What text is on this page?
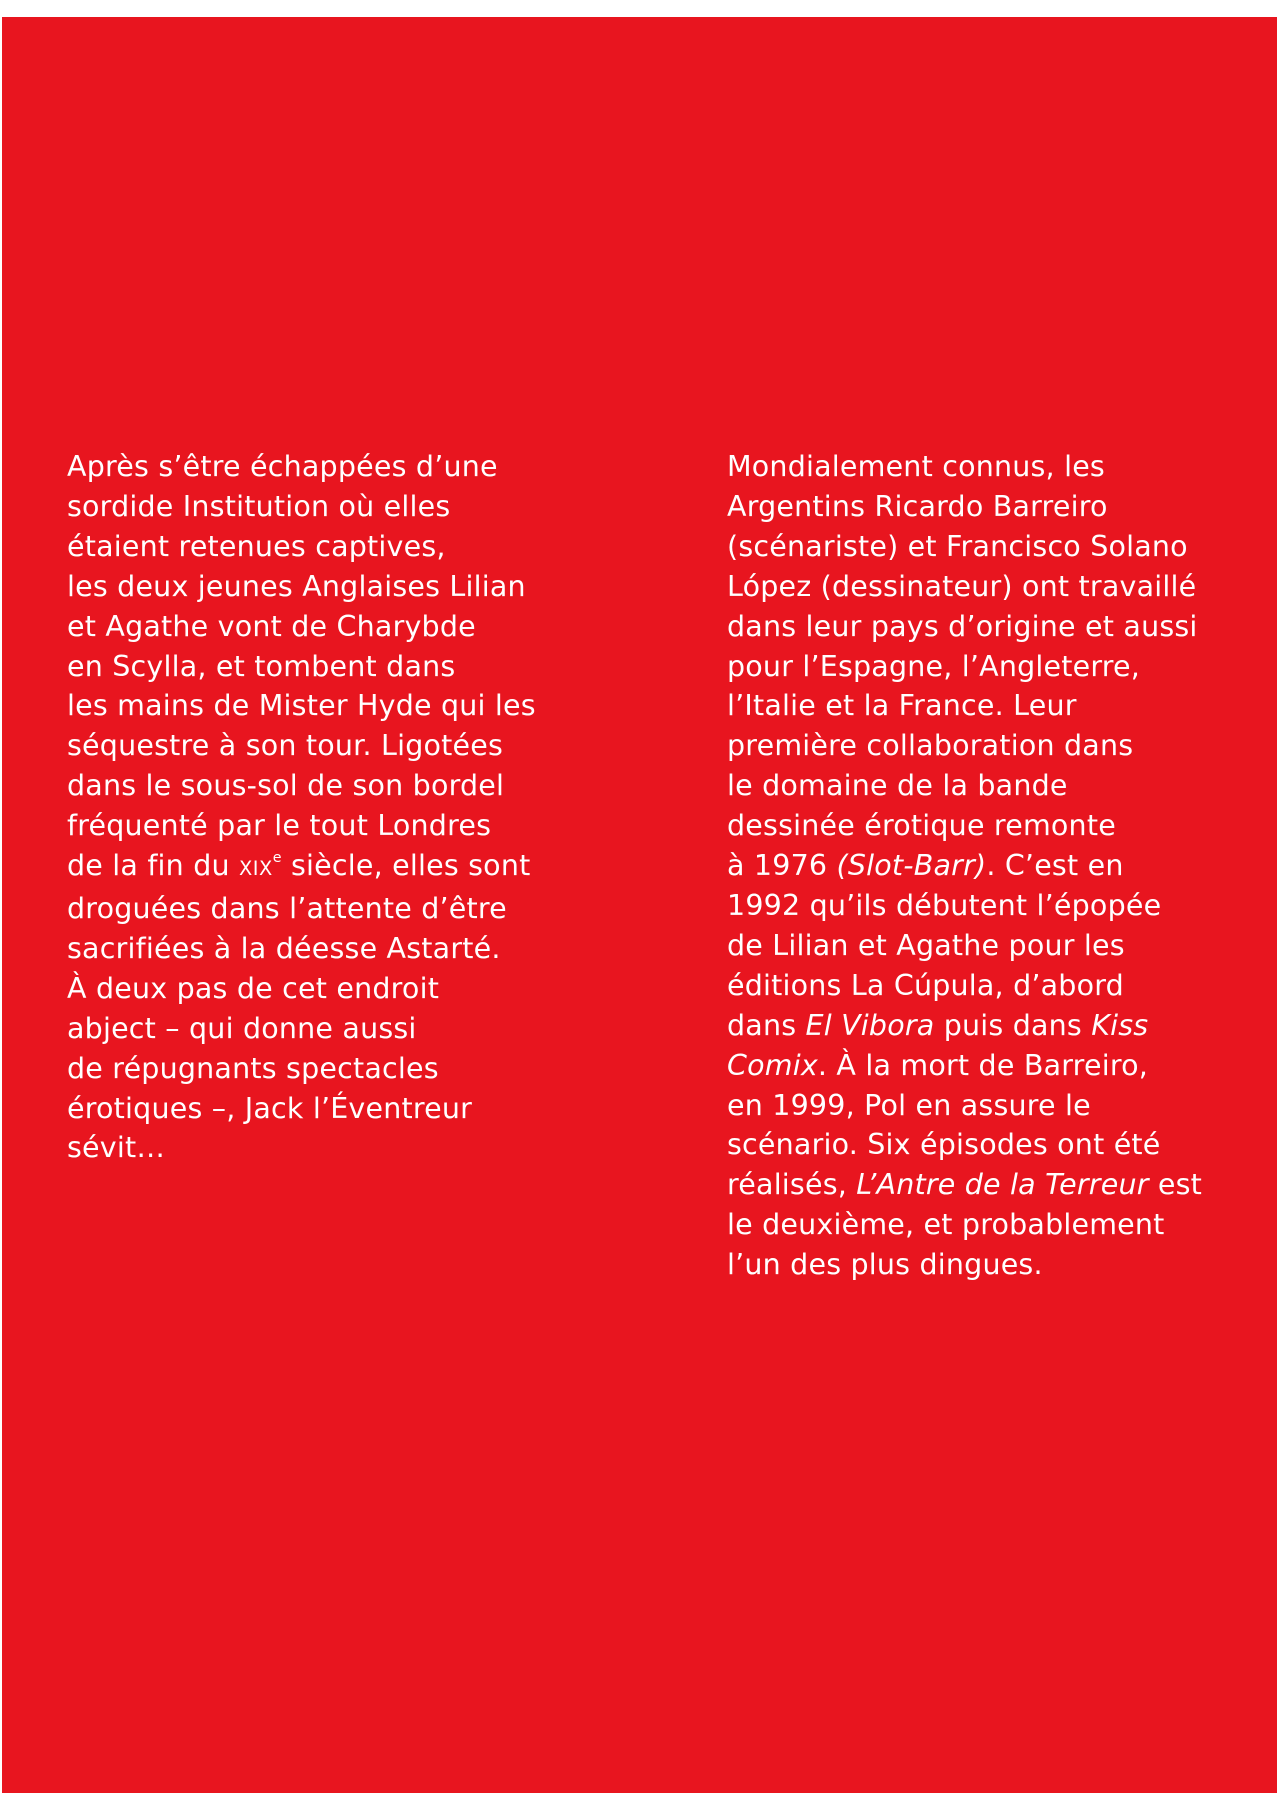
Après s’être échappées d’une
sordide Institution où elles
étaient retenues captives,
les deux jeunes Anglaises Lilian
et Agathe vont de Charybde
en Scylla, et tombent dans
les mains de Mister Hyde qui les
séquestre à son tour. Ligotées
dans le sous-sol de son bordel
fréquenté par le tout Londres
de la fin du XIXe siècle, elles sont
droguées dans l’attente d’être
sacrifiées à la déesse Astarté.
À deux pas de cet endroit
abject – qui donne aussi
de répugnants spectacles
érotiques –, Jack l’Éventreur
sévit…
Mondialement connus, les
Argentins Ricardo Barreiro
(scénariste) et Francisco Solano
López (dessinateur) ont travaillé
dans leur pays d’origine et aussi
pour l’Espagne, l’Angleterre,
l’Italie et la France. Leur
première collaboration dans
le domaine de la bande
dessinée érotique remonte
à 1976 (Slot-Barr). C’est en
1992 qu’ils débutent l’épopée
de Lilian et Agathe pour les
éditions La Cúpula, d’abord
dans El Vibora puis dans Kiss
Comix. À la mort de Barreiro,
en 1999, Pol en assure le
scénario. Six épisodes ont été
réalisés, L’Antre de la Terreur est
le deuxième, et probablement
l’un des plus dingues.
